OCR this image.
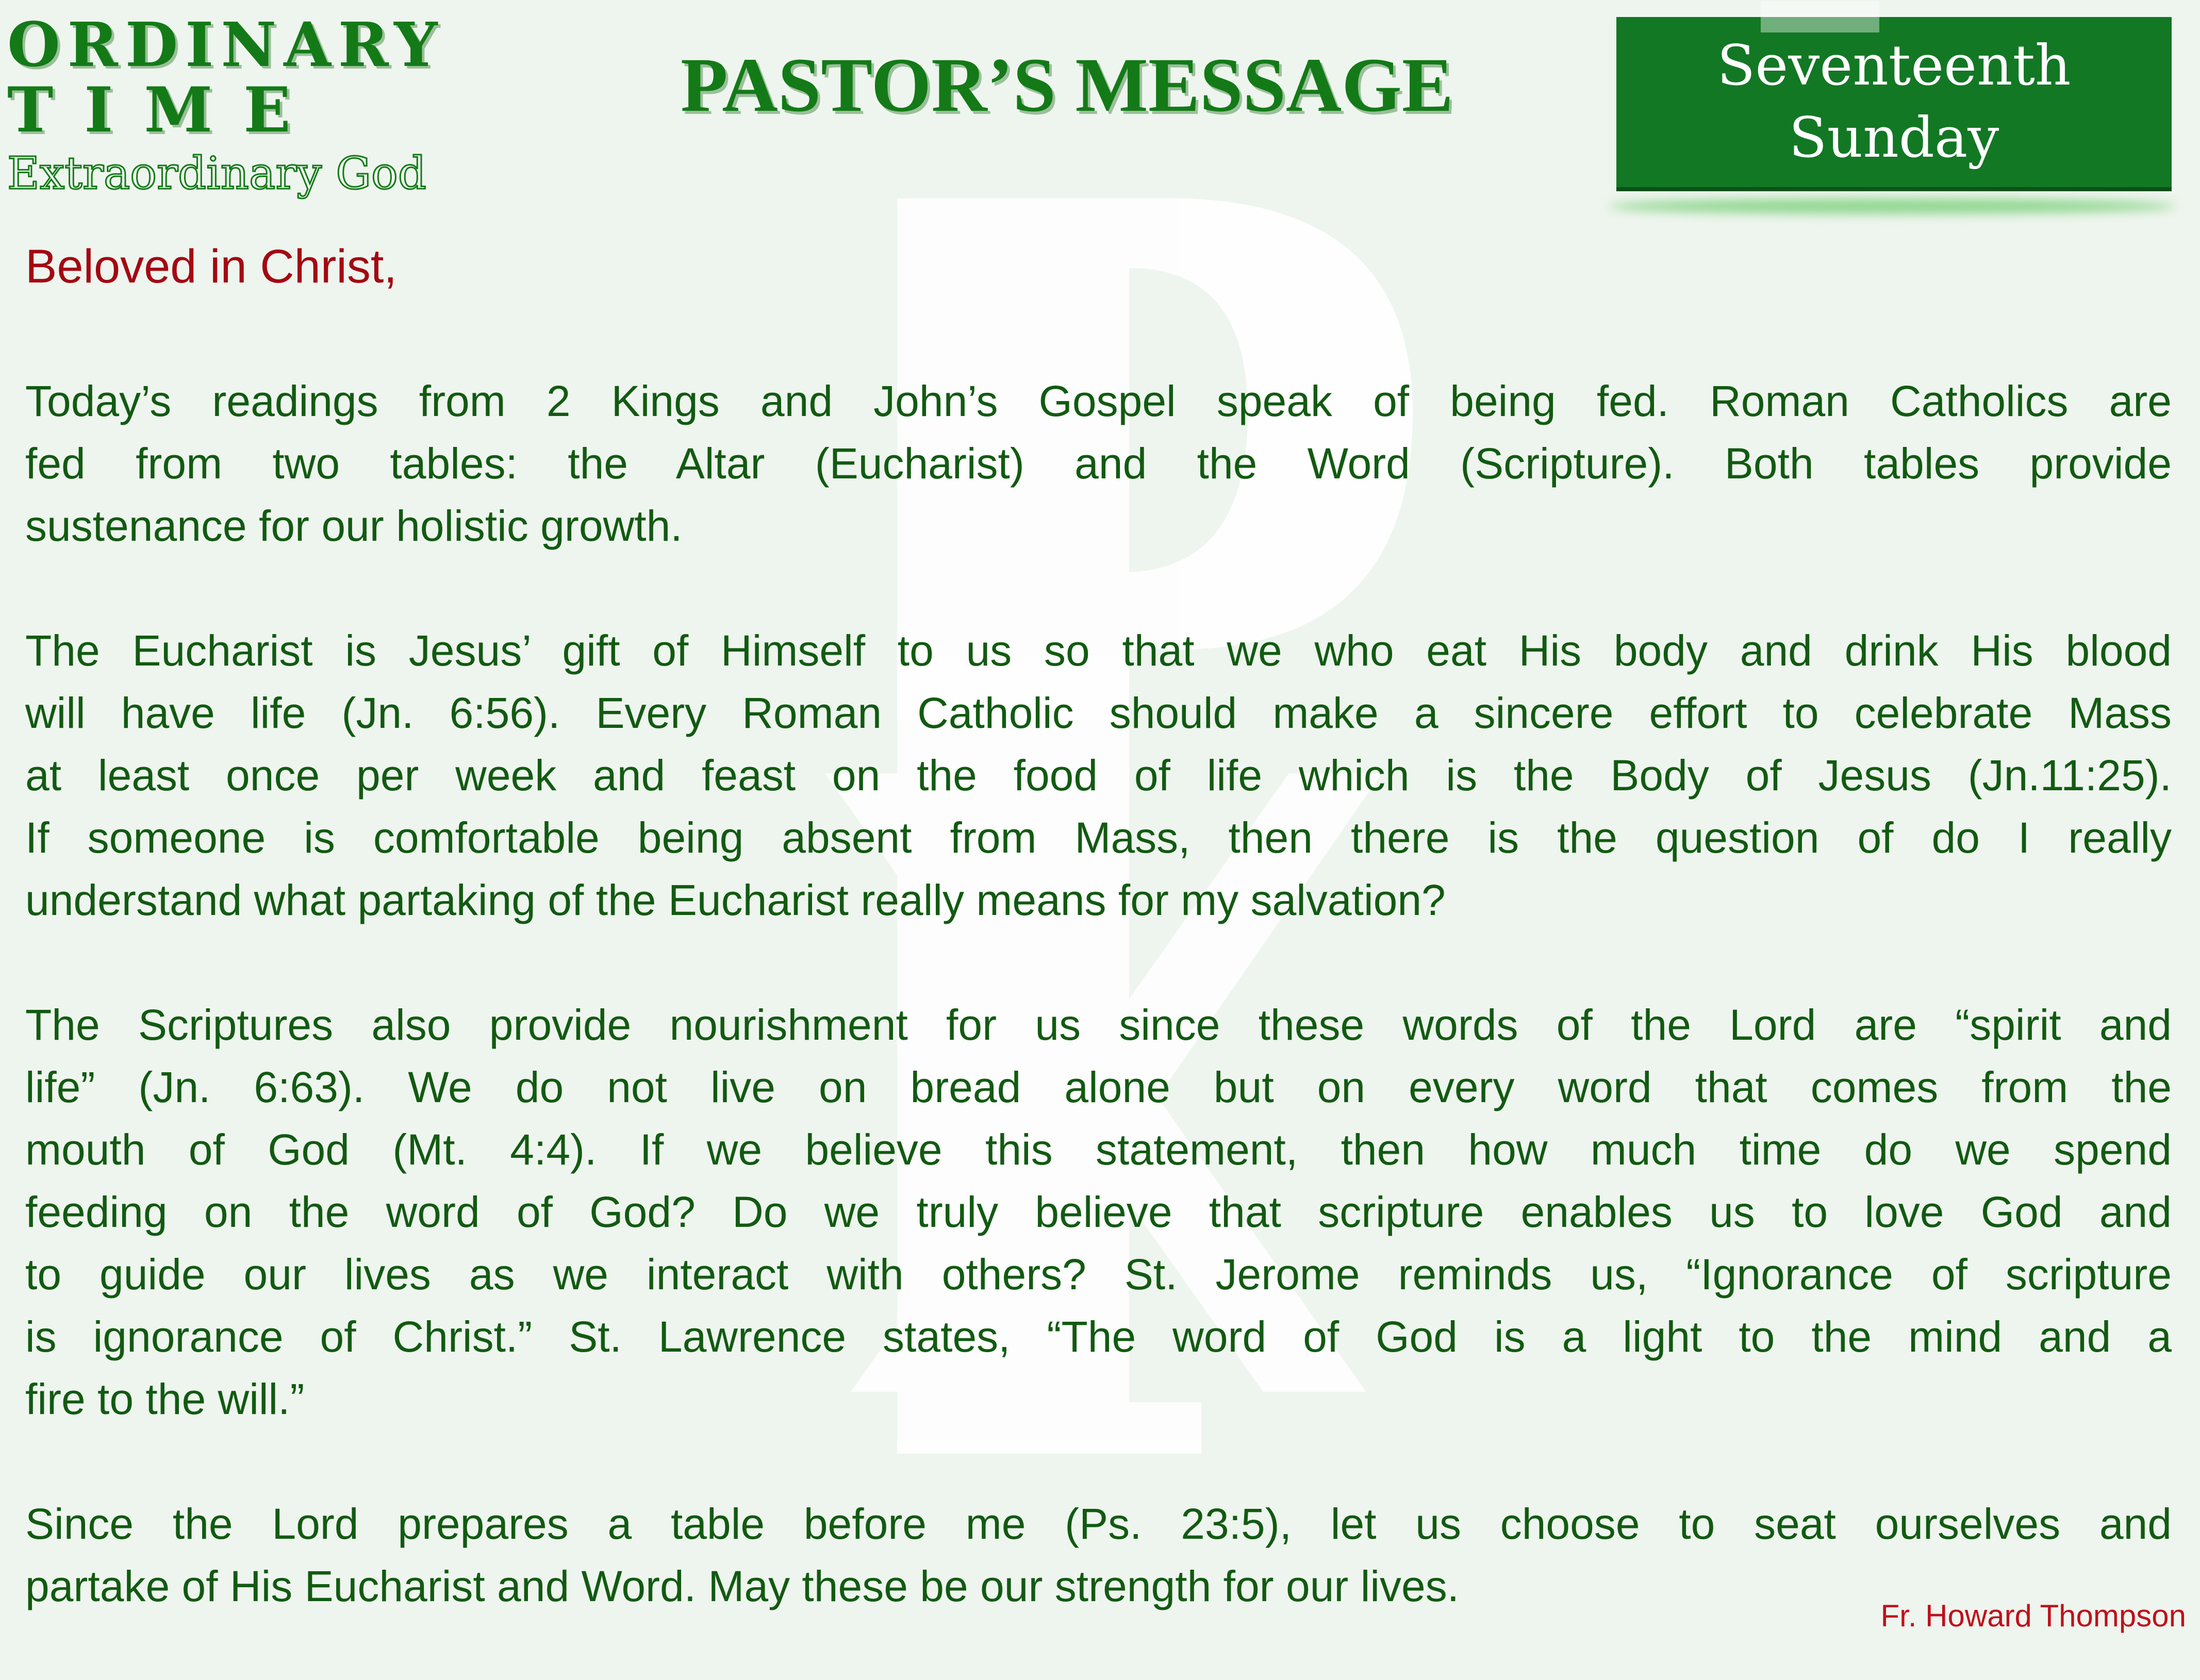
ORDINARY
TIME
Extraordinary God
PASTOR’S MESSAGE	Seventeenth
Sunday
Beloved in Christ,
Today’s readings from 2 Kings and John’s Gospel speak of being fed. Roman Catholics are
fed from two tables: the Altar (Eucharist) and the Word (Scripture). Both tables provide
sustenance for our holistic growth.
The Eucharist is Jesus’ gift of Himself to us so that we who eat His body and drink His blood
will have life (Jn. 6:56). Every Roman Catholic should make a sincere effort to celebrate Mass
at least once per week and feast on the food of life which is the Body of Jesus (Jn.11:25).
If someone is comfortable being absent from Mass, then there is the question of do I really
understand what partaking of the Eucharist really means for my salvation?
The Scriptures also provide nourishment for us since these words of the Lord are “spirit and
life” (Jn. 6:63). We do not live on bread alone but on every word that comes from the
mouth of God (Mt. 4:4). If we believe this statement, then how much time do we spend
feeding on the word of God? Do we truly believe that scripture enables us to love God and
to guide our lives as we interact with others? St. Jerome reminds us, “Ignorance of scripture
is ignorance of Christ.” St. Lawrence states, “The word of God is a light to the mind and a
fire to the will.”
Since the Lord prepares a table before me (Ps. 23:5), let us choose to seat ourselves and
partake of His Eucharist and Word. May these be our strength for our lives.
Fr. Howard Thompson
